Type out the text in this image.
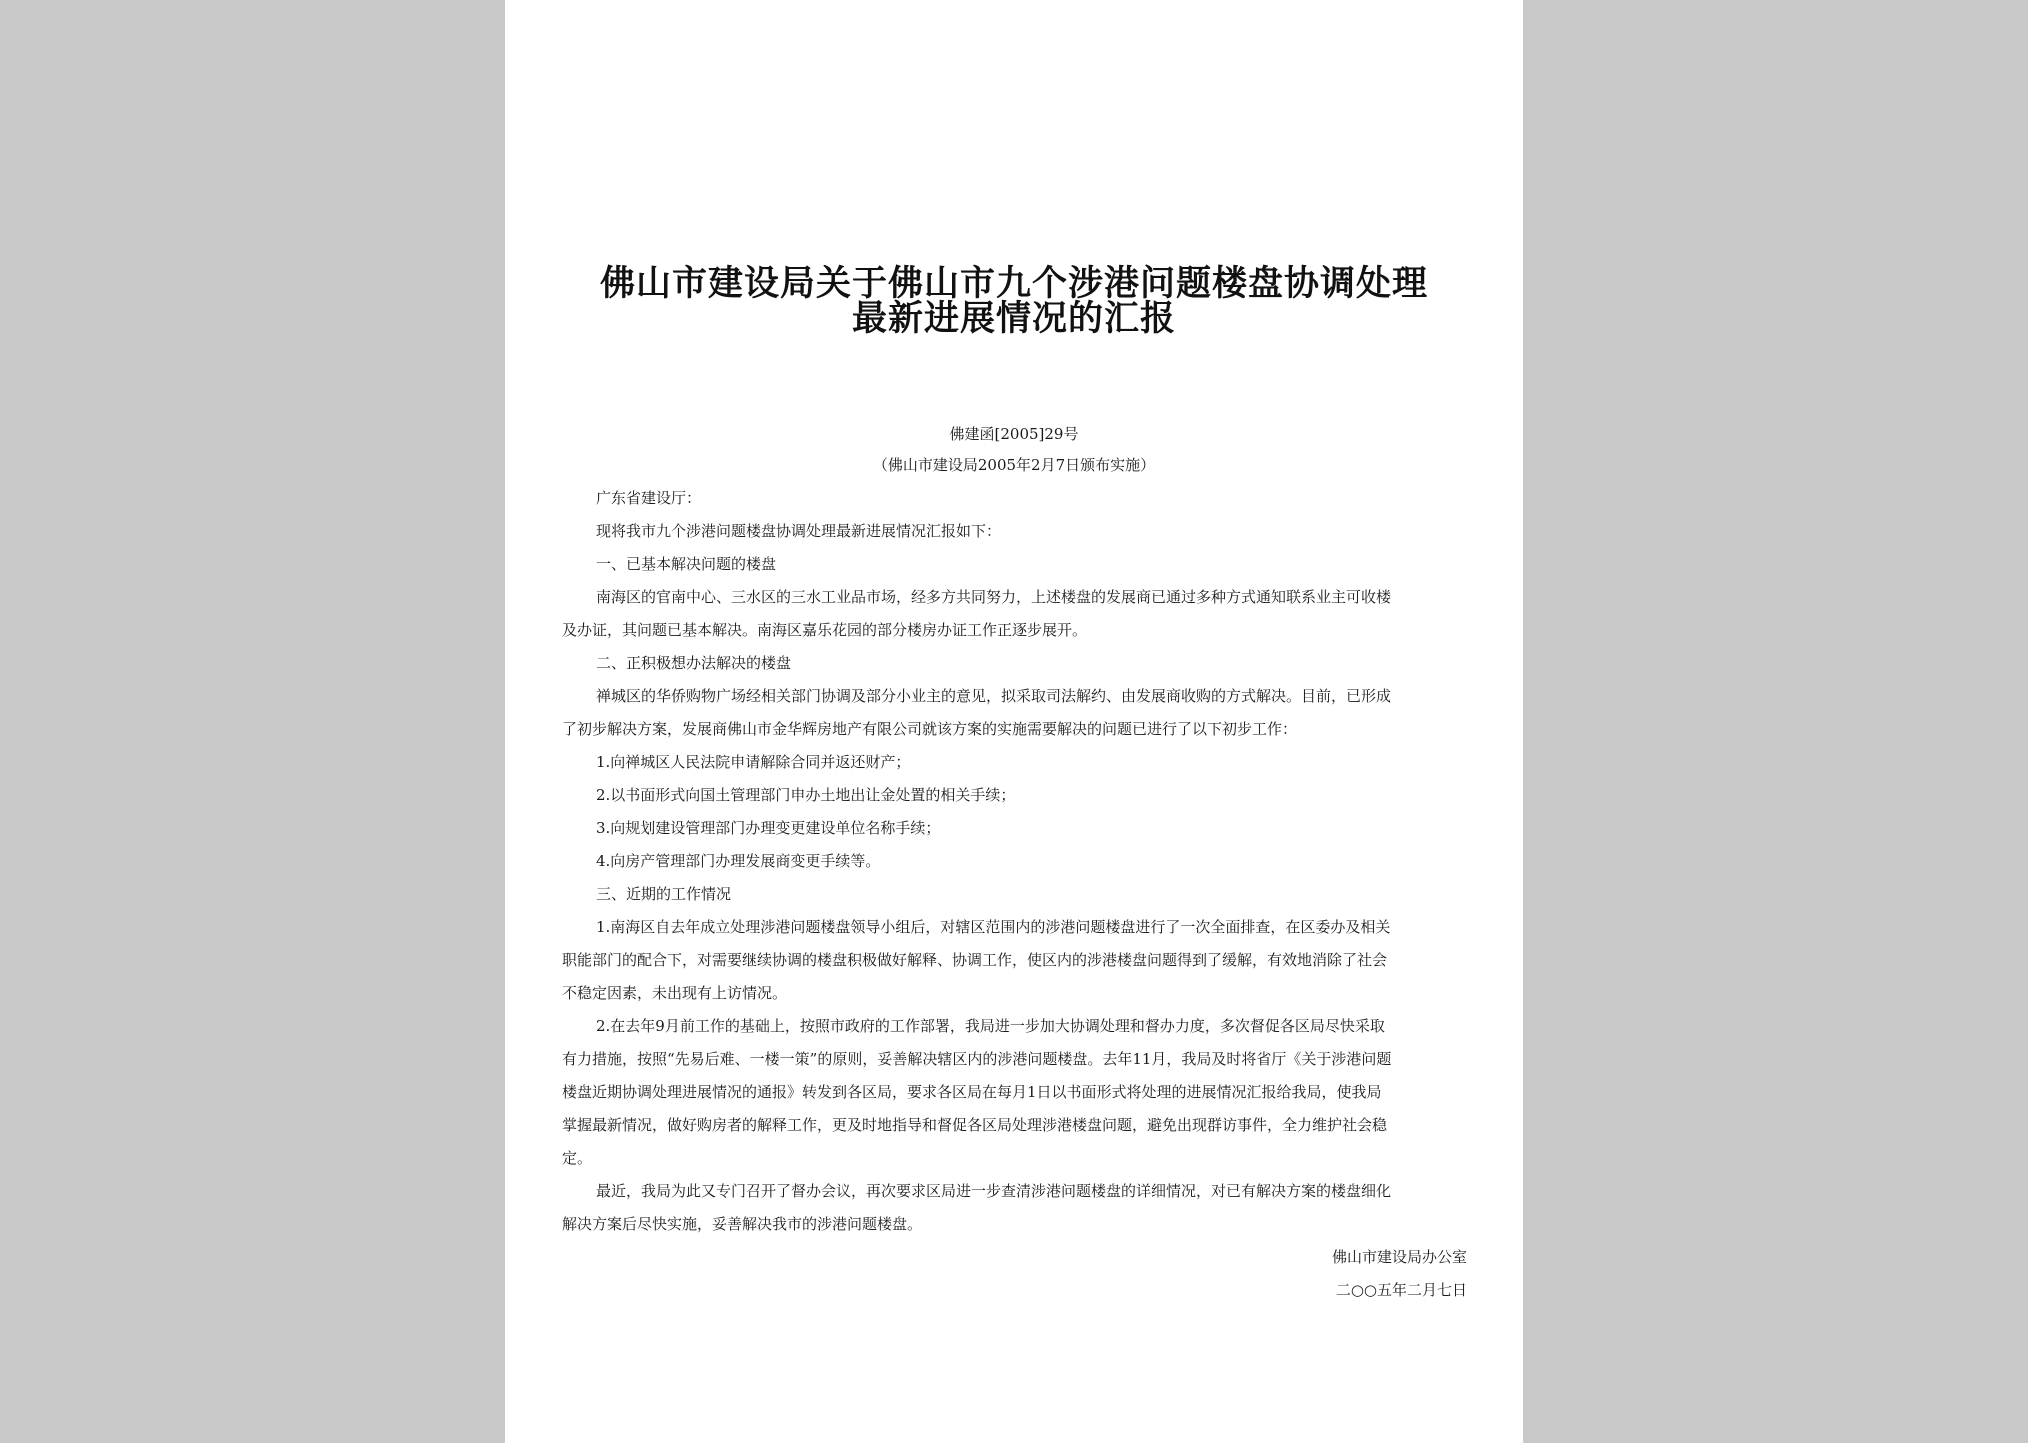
佛山市建设局关于佛山市九个涉港问题楼盘协调处理
最新进展情况的汇报
佛建函[2005]29号
（佛山市建设局2005年2月7日颁布实施）
广东省建设厅：
现将我市九个涉港问题楼盘协调处理最新进展情况汇报如下：
一、已基本解决问题的楼盘
南海区的官南中心、三水区的三水工业品市场，经多方共同努力，上述楼盘的发展商已通过多种方式通知联系业主可收楼
及办证，其问题已基本解决。南海区嘉乐花园的部分楼房办证工作正逐步展开。
二、正积极想办法解决的楼盘
禅城区的华侨购物广场经相关部门协调及部分小业主的意见，拟采取司法解约、由发展商收购的方式解决。目前，已形成
了初步解决方案，发展商佛山市金华辉房地产有限公司就该方案的实施需要解决的问题已进行了以下初步工作：
1.向禅城区人民法院申请解除合同并返还财产；
2.以书面形式向国土管理部门申办土地出让金处置的相关手续；
3.向规划建设管理部门办理变更建设单位名称手续；
4.向房产管理部门办理发展商变更手续等。
三、近期的工作情况
1.南海区自去年成立处理涉港问题楼盘领导小组后，对辖区范围内的涉港问题楼盘进行了一次全面排查，在区委办及相关
职能部门的配合下，对需要继续协调的楼盘积极做好解释、协调工作，使区内的涉港楼盘问题得到了缓解，有效地消除了社会
不稳定因素，未出现有上访情况。
2.在去年9月前工作的基础上，按照市政府的工作部署，我局进一步加大协调处理和督办力度，多次督促各区局尽快采取
有力措施，按照“先易后难、一楼一策”的原则，妥善解决辖区内的涉港问题楼盘。去年11月，我局及时将省厅《关于涉港问题
楼盘近期协调处理进展情况的通报》转发到各区局，要求各区局在每月1日以书面形式将处理的进展情况汇报给我局，使我局
掌握最新情况，做好购房者的解释工作，更及时地指导和督促各区局处理涉港楼盘问题，避免出现群访事件，全力维护社会稳
定。
最近，我局为此又专门召开了督办会议，再次要求区局进一步查清涉港问题楼盘的详细情况，对已有解决方案的楼盘细化
解决方案后尽快实施，妥善解决我市的涉港问题楼盘。
佛山市建设局办公室
二○○五年二月七日
